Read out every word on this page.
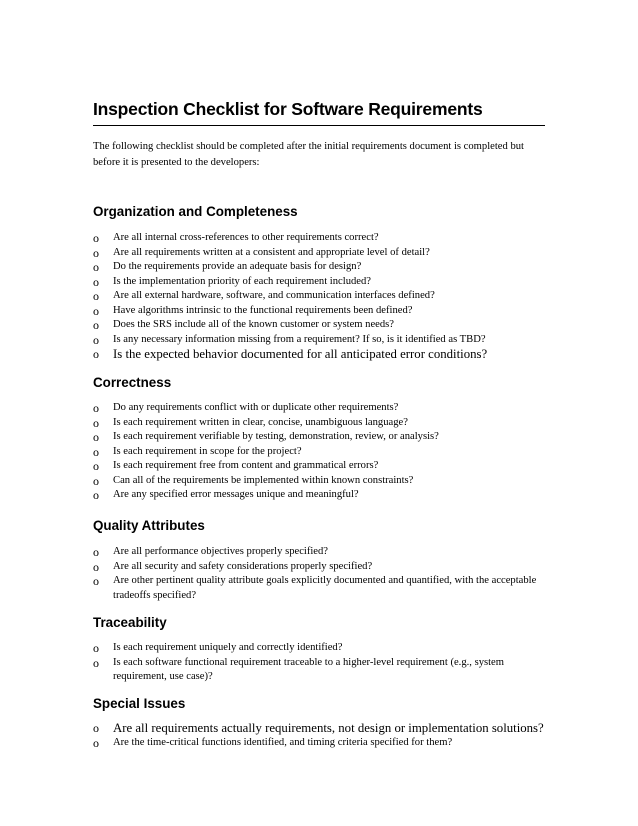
Inspection Checklist for Software Requirements

The following checklist should be completed after the initial requirements document is completed but before it is presented to the developers:

Organization and Completeness
o Are all internal cross-references to other requirements correct?
o Are all requirements written at a consistent and appropriate level of detail?
o Do the requirements provide an adequate basis for design?
o Is the implementation priority of each requirement included?
o Are all external hardware, software, and communication interfaces defined?
o Have algorithms intrinsic to the functional requirements been defined?
o Does the SRS include all of the known customer or system needs?
o Is any necessary information missing from a requirement? If so, is it identified as TBD?
o Is the expected behavior documented for all anticipated error conditions?
Correctness
o Do any requirements conflict with or duplicate other requirements?
o Is each requirement written in clear, concise, unambiguous language?
o Is each requirement verifiable by testing, demonstration, review, or analysis?
o Is each requirement in scope for the project?
o Is each requirement free from content and grammatical errors?
o Can all of the requirements be implemented within known constraints?
o Are any specified error messages unique and meaningful?
Quality Attributes
o Are all performance objectives properly specified?
o Are all security and safety considerations properly specified?
o Are other pertinent quality attribute goals explicitly documented and quantified, with the acceptable tradeoffs specified?
Traceability
o Is each requirement uniquely and correctly identified?
o Is each software functional requirement traceable to a higher-level requirement (e.g., system requirement, use case)?
Special Issues
o Are all requirements actually requirements, not design or implementation solutions?
o Are the time-critical functions identified, and timing criteria specified for them?
